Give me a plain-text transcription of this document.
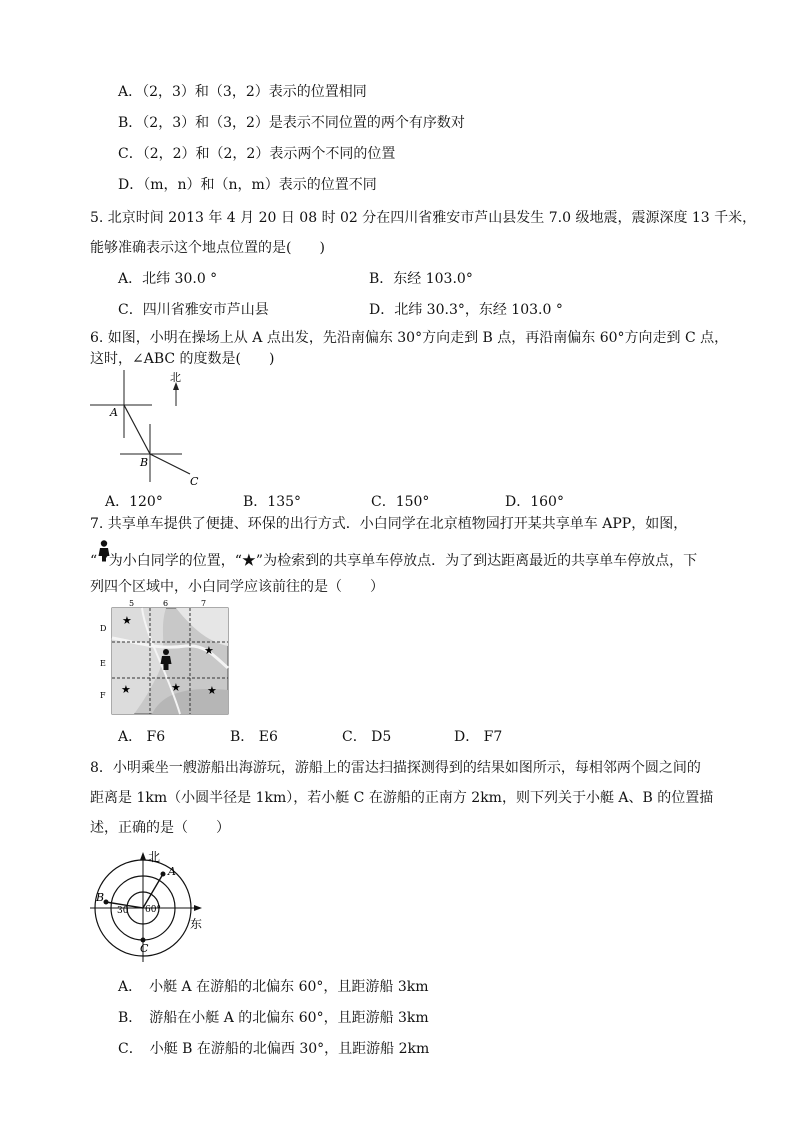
A．（2，3）和（3，2）表示的位置相同
B．（2，3）和（3，2）是表示不同位置的两个有序数对
C．（2，2）和（2，2）表示两个不同的位置
D．（m，n）和（n，m）表示的位置不同
5. 北京时间 2013 年 4 月 20 日 08 时 02 分在四川省雅安市芦山县发生 7.0 级地震，震源深度 13 千米，
能够准确表示这个地点位置的是(　　)
A．北纬 30.0 °	B．东经 103.0°
C．四川省雅安市芦山县	D．北纬 30.3°，东经 103.0 °
6. 如图，小明在操场上从 A 点出发，先沿南偏东 30°方向走到 B 点，再沿南偏东 60°方向走到 C 点，
这时，∠ABC 的度数是(　　)
北
A
B
C
A．120°	B．135°	C．150°	D．160°
7. 共享单车提供了便捷、环保的出行方式．小白同学在北京植物园打开某共享单车 APP，如图，
“ ”为小白同学的位置，“★”为检索到的共享单车停放点．为了到达距离最近的共享单车停放点，下
列四个区域中，小白同学应该前往的是（　　）
5	6	7
D
E
F
★
★
★	★ ★
A． F6	B． E6	C． D5	D． F7
8．小明乘坐一艘游船出海游玩，游船上的雷达扫描探测得到的结果如图所示，每相邻两个圆之间的
距离是 1km（小圆半径是 1km），若小艇 C 在游船的正南方 2km，则下列关于小艇 A、B 的位置描
述，正确的是（　　）
北
东
A
B
C
30 60°
A．　小艇 A 在游船的北偏东 60°，且距游船 3km
B．　游船在小艇 A 的北偏东 60°，且距游船 3km
C．　小艇 B 在游船的北偏西 30°，且距游船 2km
